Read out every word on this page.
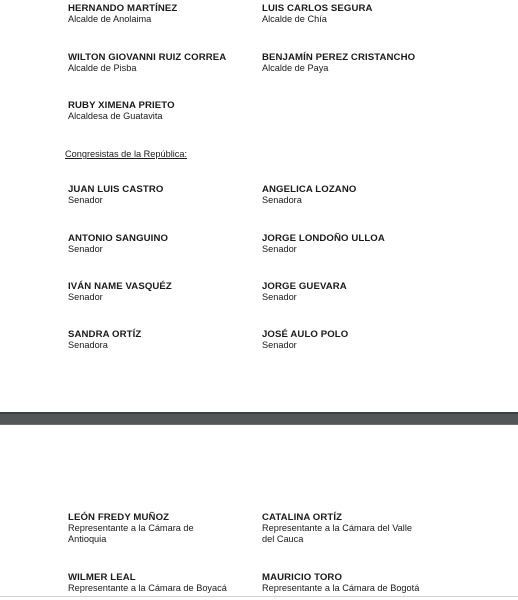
HERNANDO MARTÍNEZ
Alcalde de Anolaima
LUIS CARLOS SEGURA
Alcalde de Chía
WILTON GIOVANNI RUIZ CORREA
Alcalde de Pisba
BENJAMÍN PEREZ CRISTANCHO
Alcalde de Paya
RUBY XIMENA PRIETO
Alcaldesa de Guatavita
Congresistas de la República:
JUAN LUIS CASTRO
Senador
ANGELICA LOZANO
Senadora
ANTONIO SANGUINO
Senador
JORGE LONDOÑO ULLOA
Senador
IVÁN NAME VASQUÉZ
Senador
JORGE GUEVARA
Senador
SANDRA ORTÍZ
Senadora
JOSÉ AULO POLO
Senador
LEÓN FREDY MUÑOZ
Representante a la Cámara de
Antioquia
CATALINA ORTÍZ
Representante a la Cámara del Valle
del Cauca
WILMER LEAL
Representante a la Cámara de Boyacá
MAURICIO TORO
Representante a la Cámara de Bogotá
